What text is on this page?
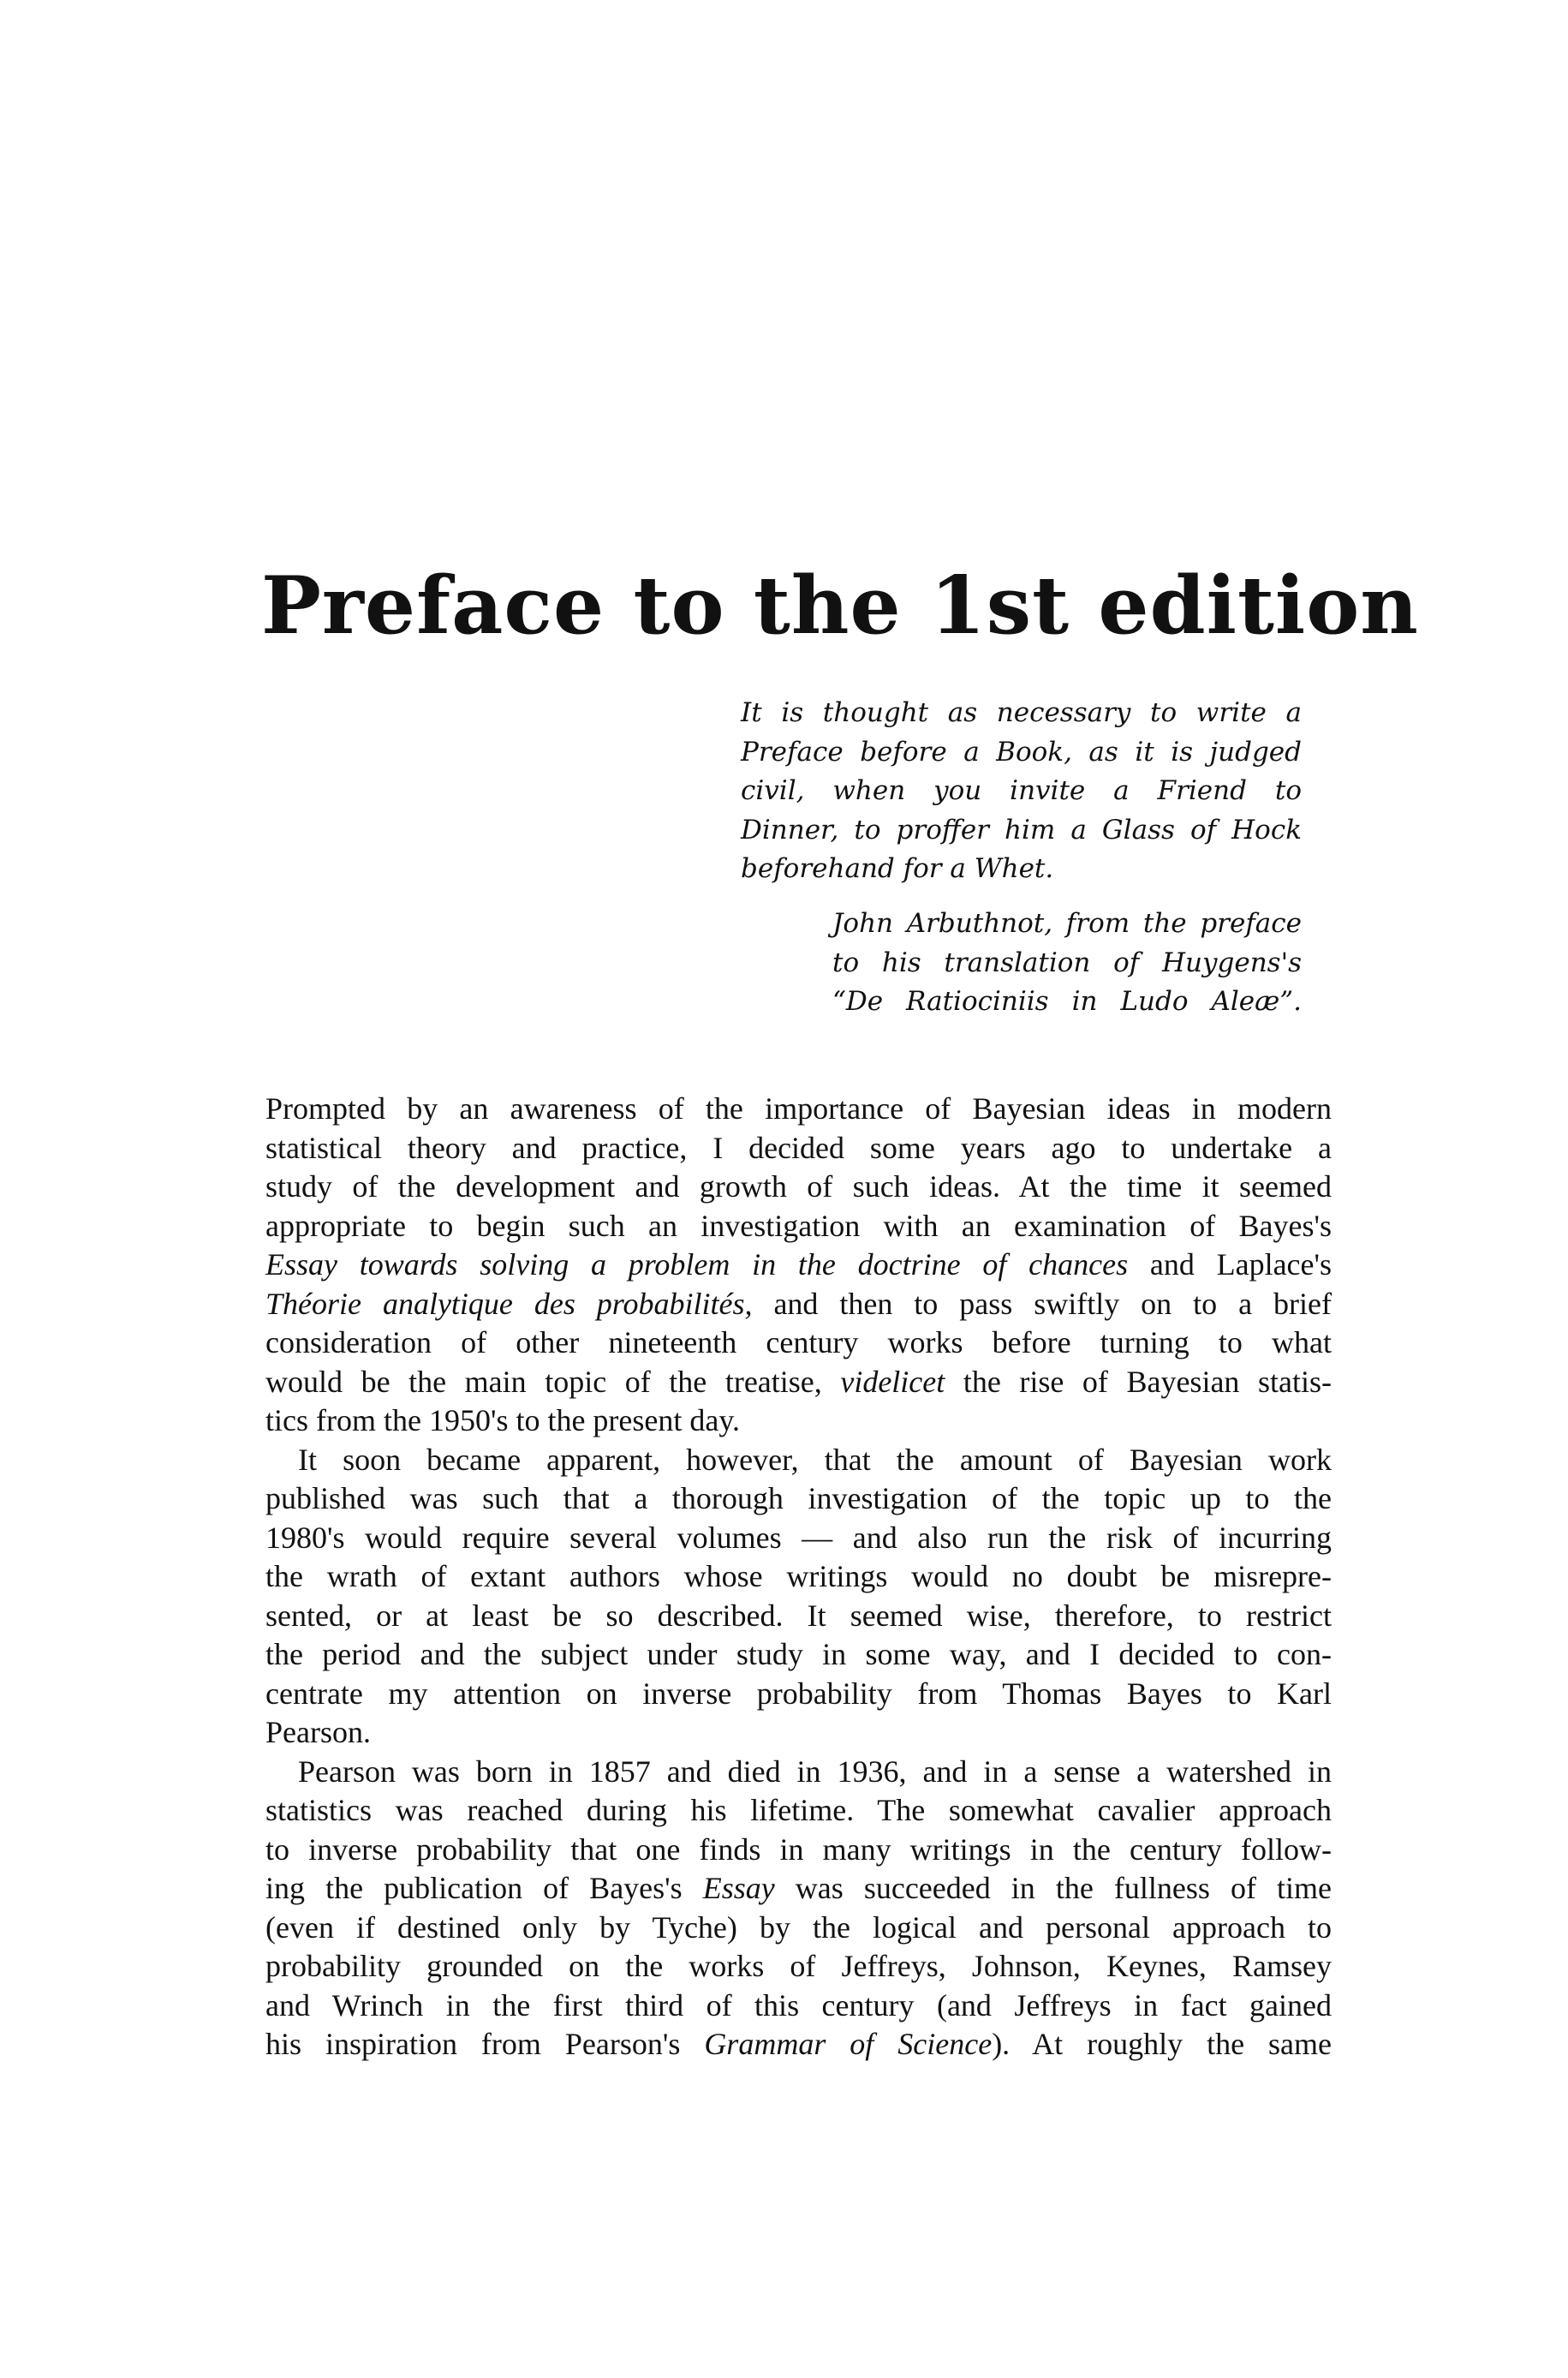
Preface to the 1st edition
It is thought as necessary to write a
Preface before a Book, as it is judged
civil, when you invite a Friend to
Dinner, to proffer him a Glass of Hock
beforehand for a Whet.
John Arbuthnot, from the preface
to his translation of Huygens's
“De Ratiociniis in Ludo Aleæ”.
Prompted by an awareness of the importance of Bayesian ideas in modern
statistical theory and practice, I decided some years ago to undertake a
study of the development and growth of such ideas. At the time it seemed
appropriate to begin such an investigation with an examination of Bayes's
Essay towards solving a problem in the doctrine of chances and Laplace's
Théorie analytique des probabilités, and then to pass swiftly on to a brief
consideration of other nineteenth century works before turning to what
would be the main topic of the treatise, videlicet the rise of Bayesian statis-
tics from the 1950's to the present day.
It soon became apparent, however, that the amount of Bayesian work
published was such that a thorough investigation of the topic up to the
1980's would require several volumes — and also run the risk of incurring
the wrath of extant authors whose writings would no doubt be misrepre-
sented, or at least be so described. It seemed wise, therefore, to restrict
the period and the subject under study in some way, and I decided to con-
centrate my attention on inverse probability from Thomas Bayes to Karl
Pearson.
Pearson was born in 1857 and died in 1936, and in a sense a watershed in
statistics was reached during his lifetime. The somewhat cavalier approach
to inverse probability that one finds in many writings in the century follow-
ing the publication of Bayes's Essay was succeeded in the fullness of time
(even if destined only by Tyche) by the logical and personal approach to
probability grounded on the works of Jeffreys, Johnson, Keynes, Ramsey
and Wrinch in the first third of this century (and Jeffreys in fact gained
his inspiration from Pearson's Grammar of Science). At roughly the same
